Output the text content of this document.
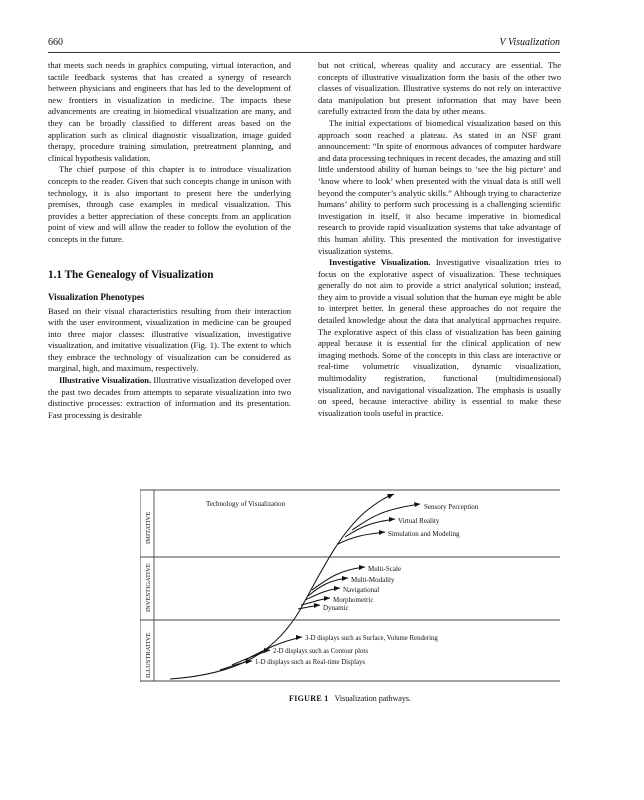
660	V Visualization

that meets such needs in graphics computing, virtual interaction, and tactile feedback systems that has created a synergy of research between physicians and engineers that has led to the development of new frontiers in visualization in medicine. The impacts these advancements are creating in biomedical visualization are many, and they can be broadly classified to different areas based on the application such as clinical diagnostic visualization, image guided therapy, procedure training simulation, pretreatment planning, and clinical hypothesis validation.

The chief purpose of this chapter is to introduce visualization concepts to the reader. Given that such concepts change in unison with technology, it is also important to present here the underlying premises, through case examples in medical visualization. This provides a better appreciation of these concepts from an application point of view and will allow the reader to follow the evolution of the concepts in the future.

1.1 The Genealogy of Visualization
Visualization Phenotypes

Based on their visual characteristics resulting from their interaction with the user environment, visualization in medicine can be grouped into three major classes: illustrative visualization, investigative visualization, and imitative visualization (Fig. 1). The extent to which they embrace the technology of visualization can be considered as marginal, high, and maximum, respectively.

Illustrative Visualization. Illustrative visualization developed over the past two decades from attempts to separate visualization into two distinctive processes: extraction of information and its presentation. Fast processing is desirable

but not critical, whereas quality and accuracy are essential. The concepts of illustrative visualization form the basis of the other two classes of visualization. Illustrative systems do not rely on interactive data manipulation but present information that may have been carefully extracted from the data by other means.

The initial expectations of biomedical visualization based on this approach soon reached a plateau. As stated in an NSF grant announcement: “In spite of enormous advances of computer hardware and data processing techniques in recent decades, the amazing and still little understood ability of human beings to ‘see the big picture’ and ‘know where to look’ when presented with the visual data is still well beyond the computer’s analytic skills.” Although trying to characterize humans’ ability to perform such processing is a challenging scientific investigation in itself, it also became imperative in biomedical research to provide rapid visualization systems that take advantage of this human ability. This presented the motivation for investigative visualization systems.

Investigative Visualization. Investigative visualization tries to focus on the explorative aspect of visualization. These techniques generally do not aim to provide a strict analytical solution; instead, they aim to provide a visual solution that the human eye might be able to interpret better. In general these approaches do not require the detailed knowledge about the data that analytical approaches require. The explorative aspect of this class of visualization has been gaining appeal because it is essential for the clinical application of new imaging methods. Some of the concepts in this class are interactive or real-time volumetric visualization, dynamic visualization, multimodality registration, functional (multidimensional) visualization, and navigational visualization. The emphasis is usually on speed, because interactive ability is essential to make these visualization tools useful in practice.

IMITATIVE
INVESTIGATIVE
ILLUSTRATIVE
Technology of Visualization	Sensory Perception
Virtual Reality
Simulation and Modeling
Multi-Scale
Multi-Modality
Navigational
Morphometric
Dynamic
3-D displays such as Surface, Volume Rendering
2-D displays such as Contour plots
1-D displays such as Real-time Displays
FIGURE 1 Visualization pathways.
